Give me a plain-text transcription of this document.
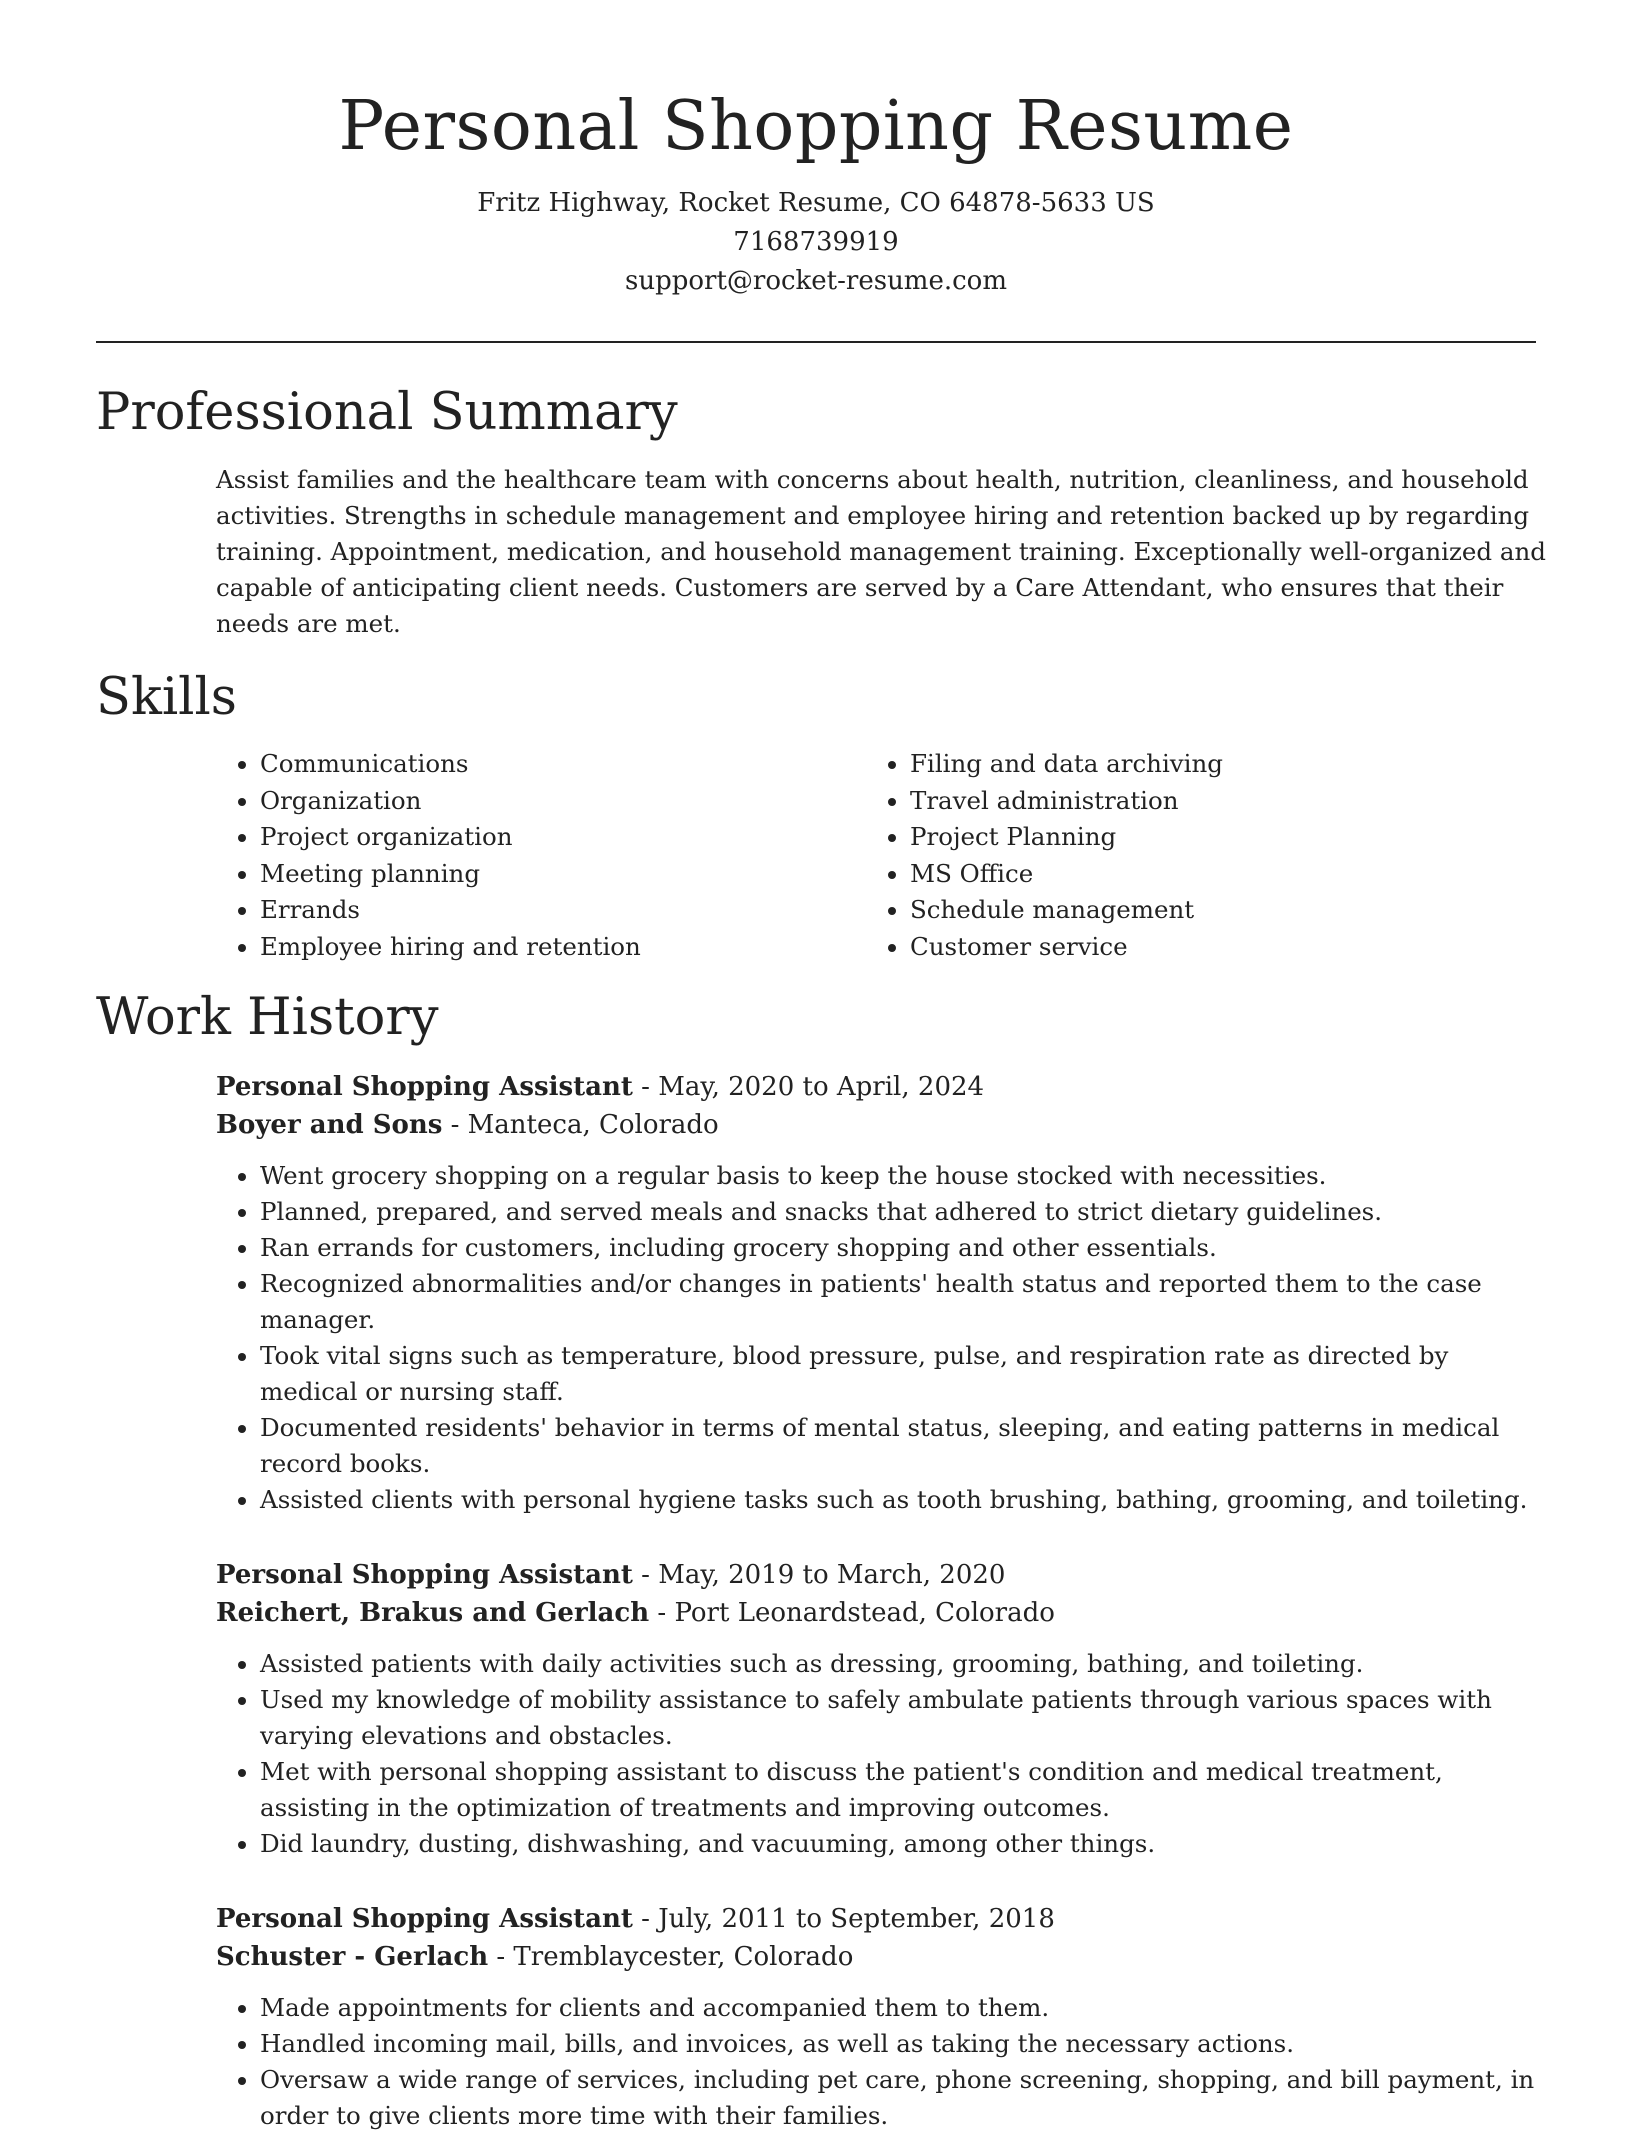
Personal Shopping Resume

Fritz Highway, Rocket Resume, CO 64878-5633 US

7168739919

support@rocket-resume.com

Professional Summary

Assist families and the healthcare team with concerns about health, nutrition, cleanliness, and household activities. Strengths in schedule management and employee hiring and retention backed up by regarding training. Appointment, medication, and household management training. Exceptionally well-organized and capable of anticipating client needs. Customers are served by a Care Attendant, who ensures that their needs are met.

Skills
• Communications
• Organization
• Project organization
• Meeting planning
• Errands
• Employee hiring and retention
• Filing and data archiving
• Travel administration
• Project Planning
• MS Office
• Schedule management
• Customer service
Work History

Personal Shopping Assistant - May, 2020 to April, 2024

Boyer and Sons - Manteca, Colorado

• Went grocery shopping on a regular basis to keep the house stocked with necessities.
• Planned, prepared, and served meals and snacks that adhered to strict dietary guidelines.
• Ran errands for customers, including grocery shopping and other essentials.
• Recognized abnormalities and/or changes in patients' health status and reported them to the case manager.
• Took vital signs such as temperature, blood pressure, pulse, and respiration rate as directed by medical or nursing staff.
• Documented residents' behavior in terms of mental status, sleeping, and eating patterns in medical record books.
• Assisted clients with personal hygiene tasks such as tooth brushing, bathing, grooming, and toileting.

Personal Shopping Assistant - May, 2019 to March, 2020

Reichert, Brakus and Gerlach - Port Leonardstead, Colorado

• Assisted patients with daily activities such as dressing, grooming, bathing, and toileting.
• Used my knowledge of mobility assistance to safely ambulate patients through various spaces with varying elevations and obstacles.
• Met with personal shopping assistant to discuss the patient's condition and medical treatment, assisting in the optimization of treatments and improving outcomes.
• Did laundry, dusting, dishwashing, and vacuuming, among other things.

Personal Shopping Assistant - July, 2011 to September, 2018

Schuster - Gerlach - Tremblaycester, Colorado

• Made appointments for clients and accompanied them to them.
• Handled incoming mail, bills, and invoices, as well as taking the necessary actions.
• Oversaw a wide range of services, including pet care, phone screening, shopping, and bill payment, in order to give clients more time with their families.
